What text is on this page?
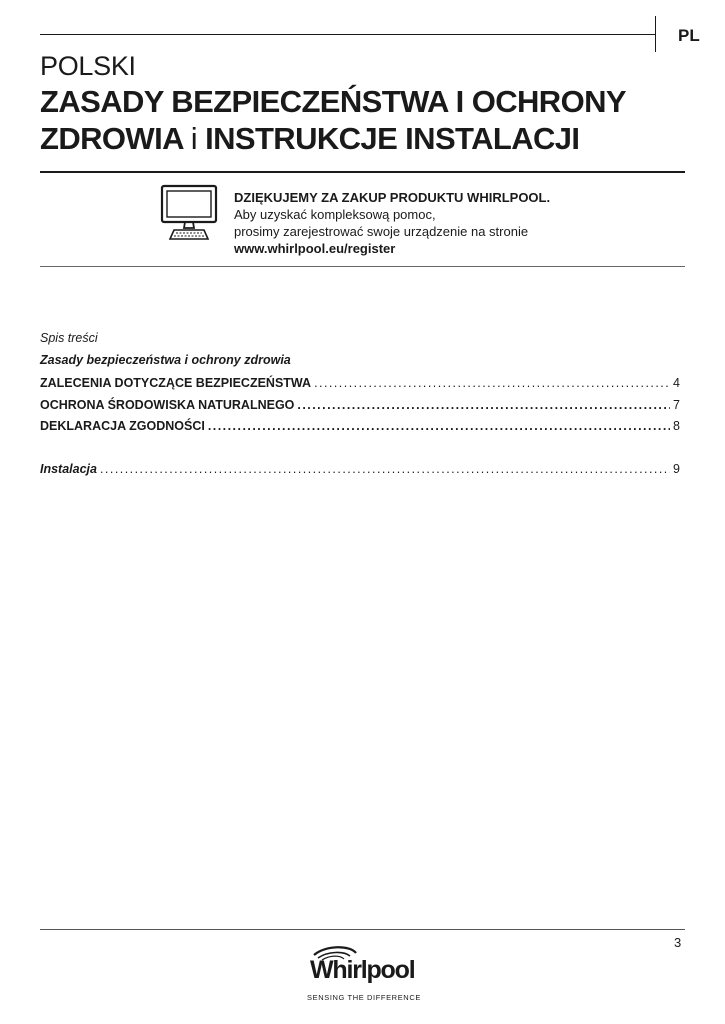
PL
POLSKI
ZASADY BEZPIECZEŃSTWA I OCHRONY
ZDROWIA i INSTRUKCJE INSTALACJI
DZIĘKUJEMY ZA ZAKUP PRODUKTU WHIRLPOOL.
Aby uzyskać kompleksową pomoc,
prosimy zarejestrować swoje urządzenie na stronie
www.whirlpool.eu/register
Spis treści
Zasady bezpieczeństwa i ochrony zdrowia
ZALECENIA DOTYCZĄCE BEZPIECZEŃSTWA . . .	4
OCHRONA ŚRODOWISKA NATURALNEGO . . .	7
DEKLARACJA ZGODNOŚCI . . .	8
Instalacja . . .	9
3
Whirlpool
SENSING THE DIFFERENCE
